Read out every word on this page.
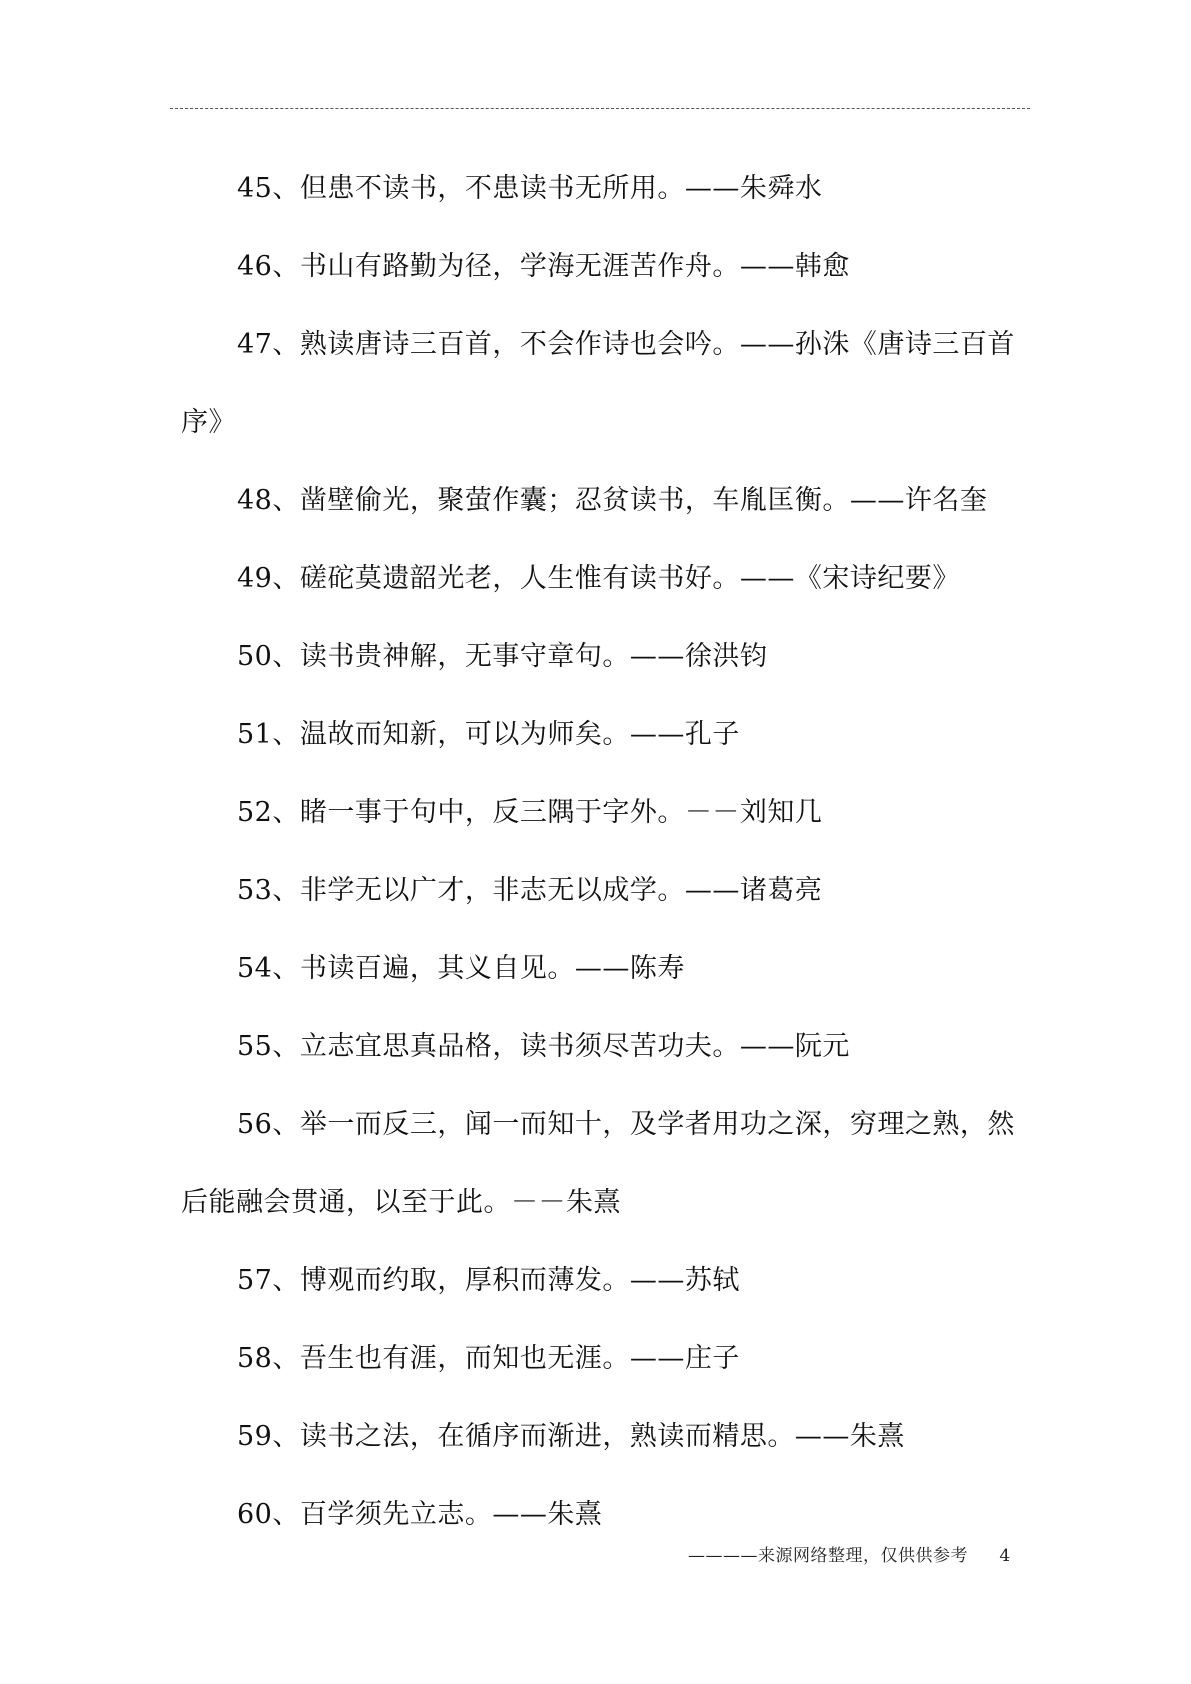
45、但患不读书，不患读书无所用。——朱舜水

46、书山有路勤为径，学海无涯苦作舟。——韩愈

47、熟读唐诗三百首，不会作诗也会吟。——孙洙《唐诗三百首序》

48、凿壁偷光，聚萤作囊；忍贫读书，车胤匡衡。——许名奎

49、磋砣莫遗韶光老，人生惟有读书好。——《宋诗纪要》

50、读书贵神解，无事守章句。——徐洪钧

51、温故而知新，可以为师矣。——孔子

52、睹一事于句中，反三隅于字外。－－刘知几

53、非学无以广才，非志无以成学。——诸葛亮

54、书读百遍，其义自见。——陈寿

55、立志宜思真品格，读书须尽苦功夫。——阮元

56、举一而反三，闻一而知十，及学者用功之深，穷理之熟，然后能融会贯通，以至于此。－－朱熹

57、博观而约取，厚积而薄发。——苏轼

58、吾生也有涯，而知也无涯。——庄子

59、读书之法，在循序而渐进，熟读而精思。——朱熹

60、百学须先立志。——朱熹

————来源网络整理，仅供供参考 4
